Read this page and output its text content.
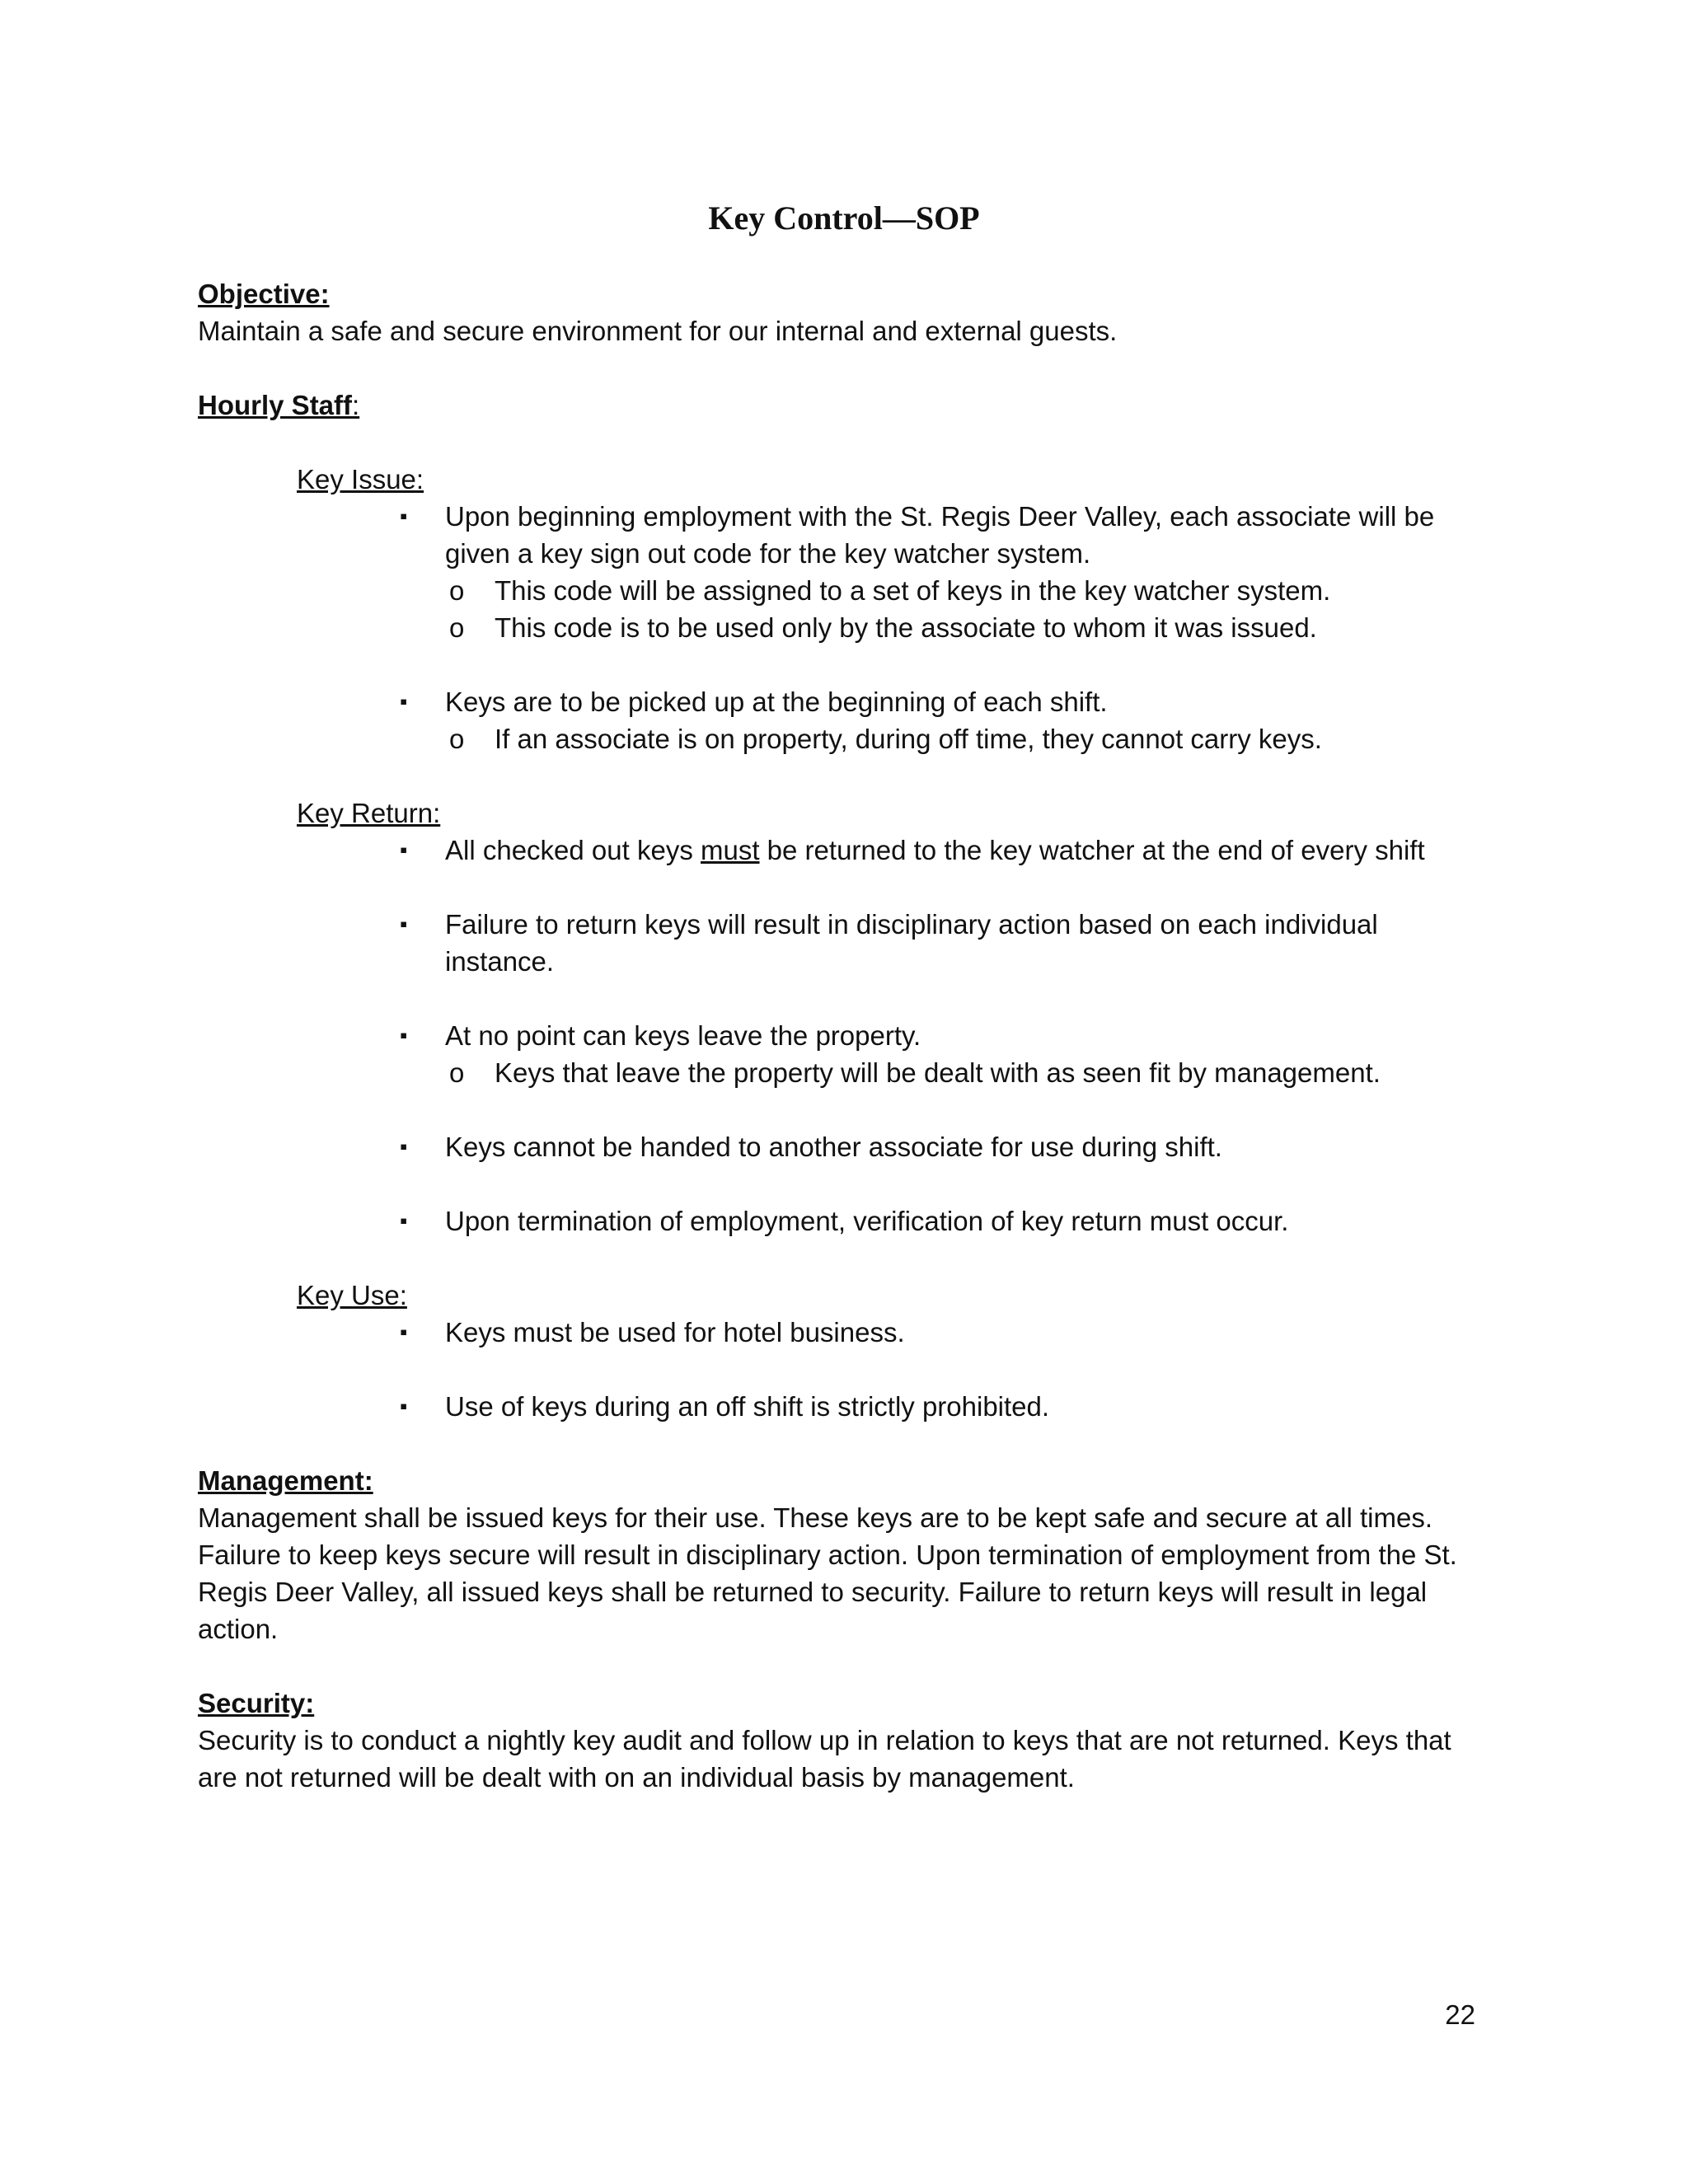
Key Control—SOP

Objective:

Maintain a safe and secure environment for our internal and external guests.

Hourly Staff:

Key Issue:

▪	Upon beginning employment with the St. Regis Deer Valley, each associate will be given a key sign out code for the key watcher system.
o This code will be assigned to a set of keys in the key watcher system.
o This code is to be used only by the associate to whom it was issued.
▪	Keys are to be picked up at the beginning of each shift.
o If an associate is on property, during off time, they cannot carry keys.

Key Return:

▪	All checked out keys must be returned to the key watcher at the end of every shift
▪	Failure to return keys will result in disciplinary action based on each individual instance.
▪	At no point can keys leave the property.
o Keys that leave the property will be dealt with as seen fit by management.
▪	Keys cannot be handed to another associate for use during shift.
▪	Upon termination of employment, verification of key return must occur.

Key Use:

▪	Keys must be used for hotel business.
▪	Use of keys during an off shift is strictly prohibited.

Management:

Management shall be issued keys for their use. These keys are to be kept safe and secure at all times. Failure to keep keys secure will result in disciplinary action. Upon termination of employment from the St. Regis Deer Valley, all issued keys shall be returned to security. Failure to return keys will result in legal action.

Security:

Security is to conduct a nightly key audit and follow up in relation to keys that are not returned. Keys that are not returned will be dealt with on an individual basis by management.

22
